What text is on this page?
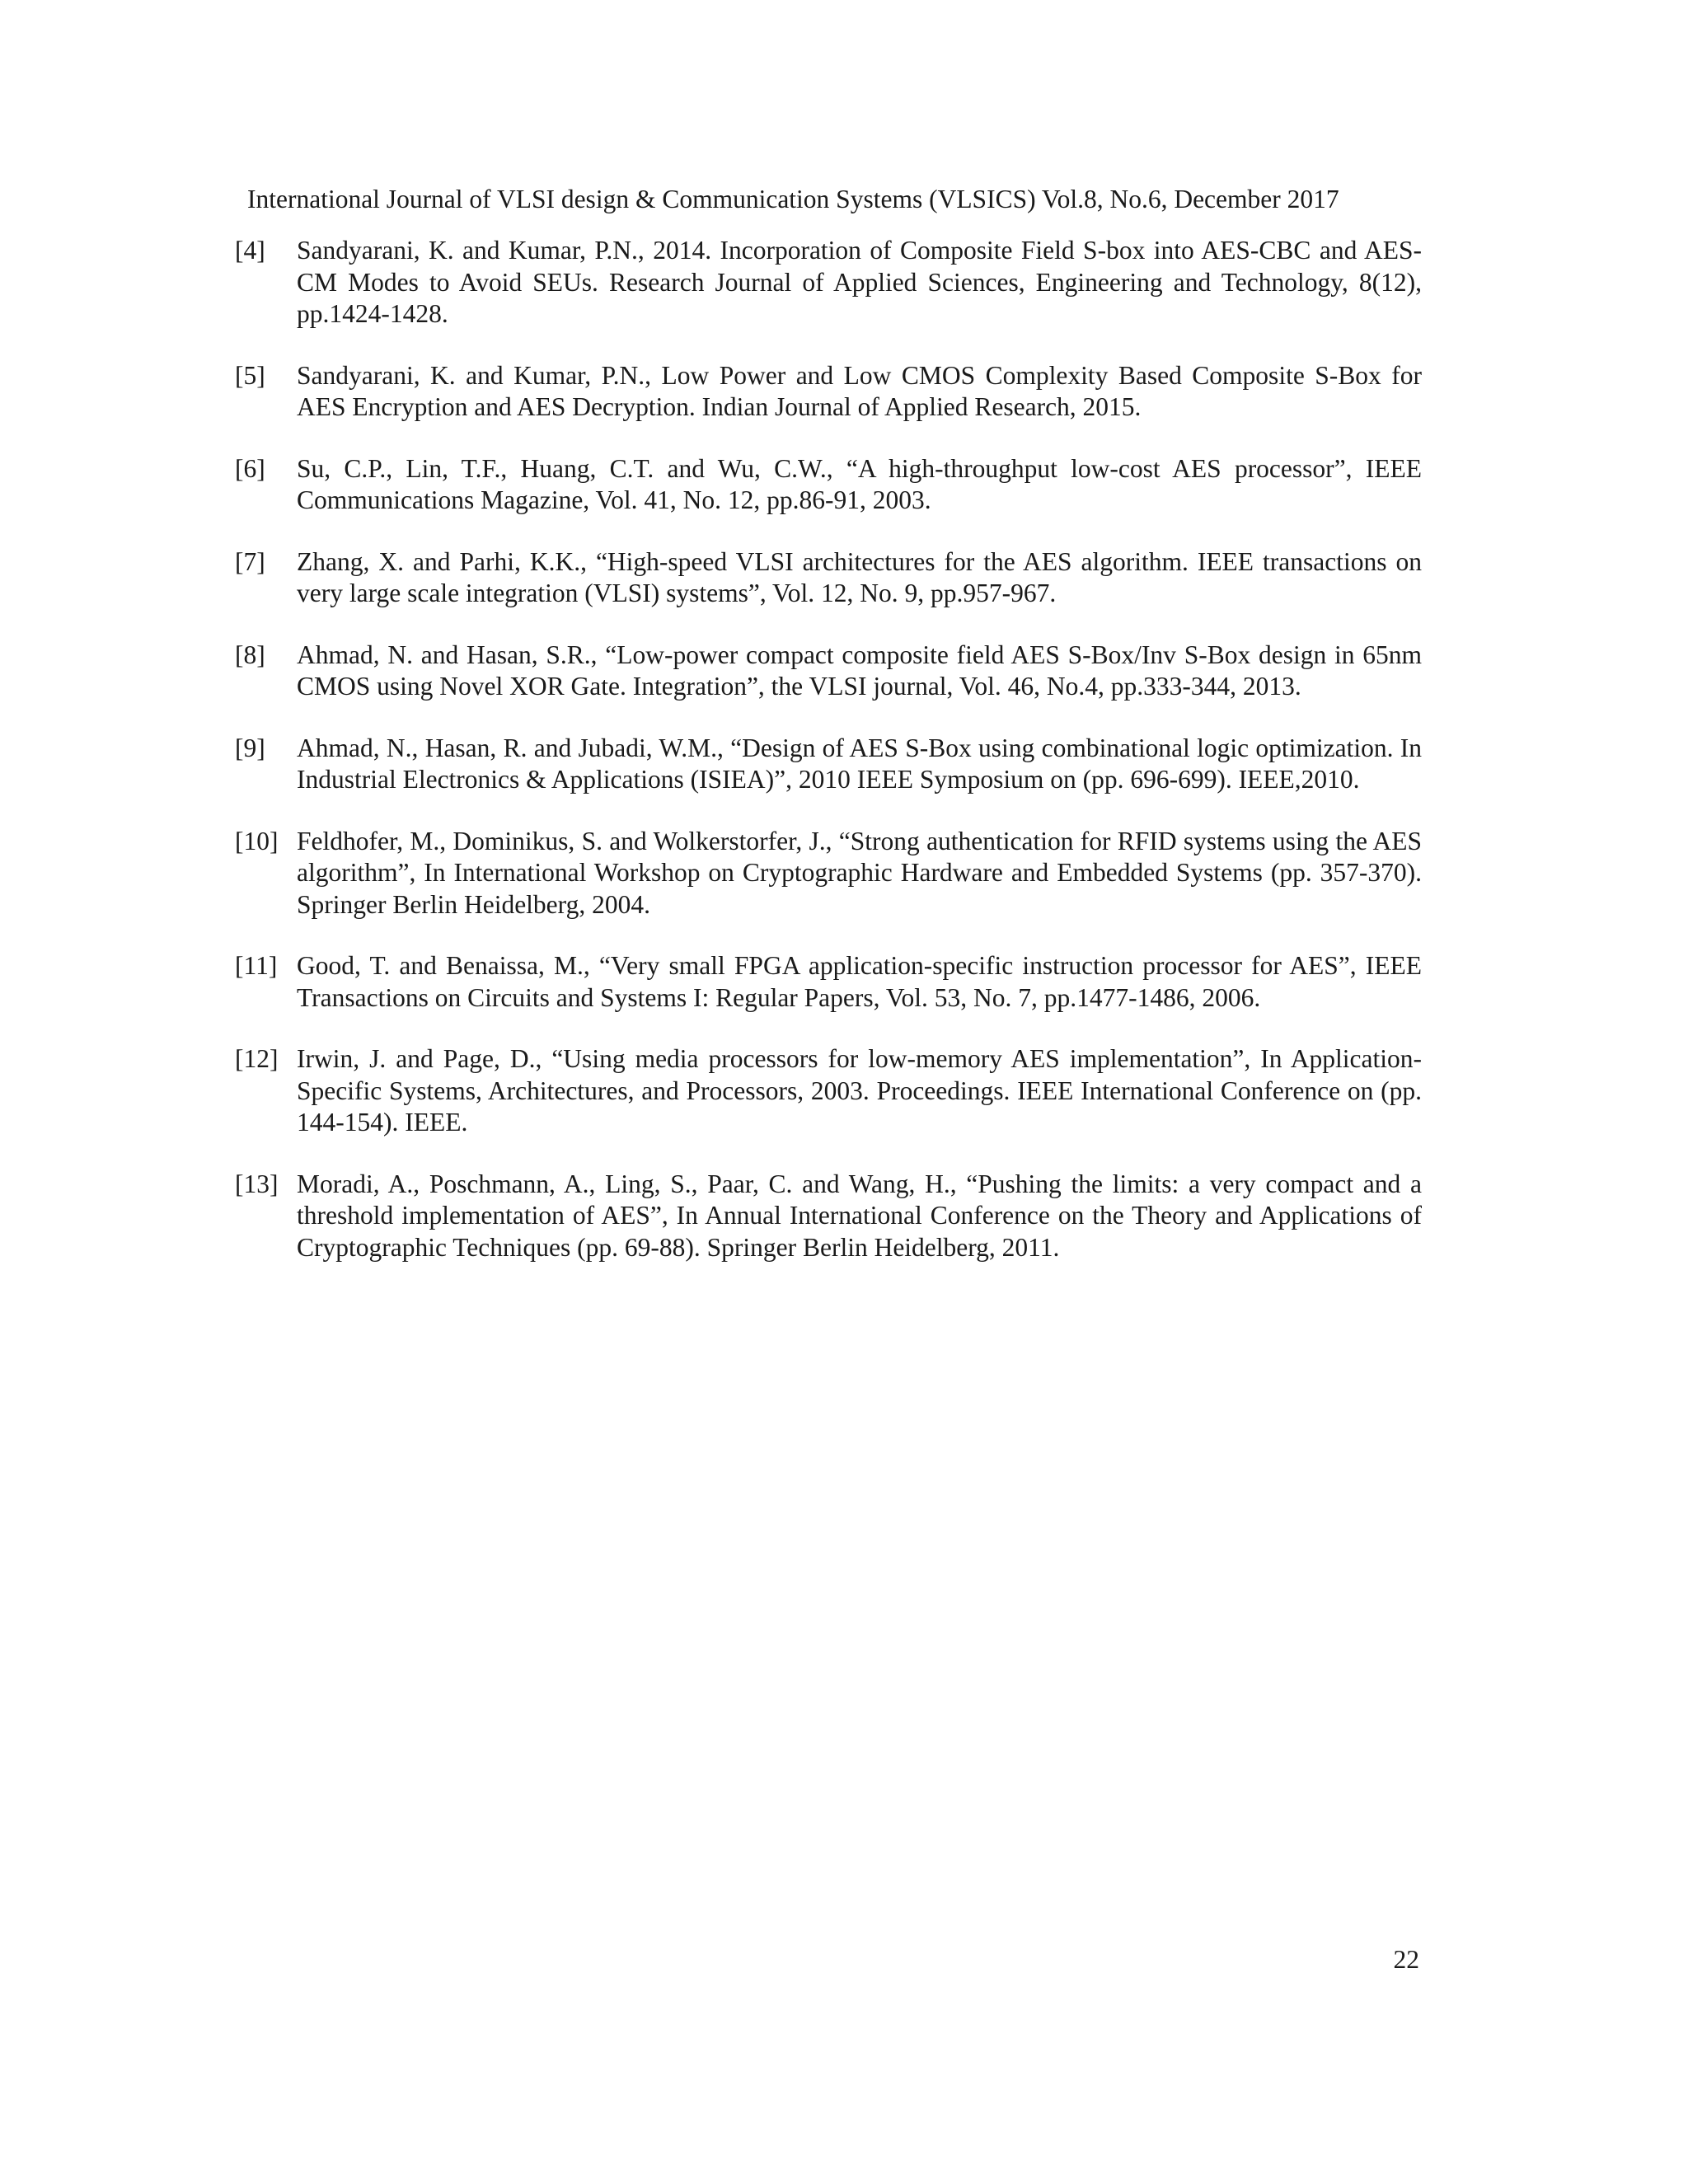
International Journal of VLSI design & Communication Systems (VLSICS) Vol.8, No.6, December 2017
[4]	Sandyarani, K. and Kumar, P.N., 2014. Incorporation of Composite Field S-box into AES-CBC and AES-CM Modes to Avoid SEUs. Research Journal of Applied Sciences, Engineering and Technology, 8(12), pp.1424-1428.
[5]	Sandyarani, K. and Kumar, P.N., Low Power and Low CMOS Complexity Based Composite S-Box for AES Encryption and AES Decryption. Indian Journal of Applied Research, 2015.
[6]	Su, C.P., Lin, T.F., Huang, C.T. and Wu, C.W., “A high-throughput low-cost AES processor”, IEEE Communications Magazine, Vol. 41, No. 12, pp.86-91, 2003.
[7]	Zhang, X. and Parhi, K.K., “High-speed VLSI architectures for the AES algorithm. IEEE transactions on very large scale integration (VLSI) systems”, Vol. 12, No. 9, pp.957-967.
[8]	Ahmad, N. and Hasan, S.R., “Low-power compact composite field AES S-Box/Inv S-Box design in 65nm CMOS using Novel XOR Gate. Integration”, the VLSI journal, Vol. 46, No.4, pp.333-344, 2013.
[9]	Ahmad, N., Hasan, R. and Jubadi, W.M., “Design of AES S-Box using combinational logic optimization. In Industrial Electronics & Applications (ISIEA)”, 2010 IEEE Symposium on (pp. 696-699). IEEE,2010.
[10] Feldhofer, M., Dominikus, S. and Wolkerstorfer, J., “Strong authentication for RFID systems using the AES algorithm”, In International Workshop on Cryptographic Hardware and Embedded Systems (pp. 357-370). Springer Berlin Heidelberg, 2004.
[11] Good, T. and Benaissa, M., “Very small FPGA application-specific instruction processor for AES”, IEEE Transactions on Circuits and Systems I: Regular Papers, Vol. 53, No. 7, pp.1477-1486, 2006.
[12] Irwin, J. and Page, D., “Using media processors for low-memory AES implementation”, In Application-Specific Systems, Architectures, and Processors, 2003. Proceedings. IEEE International Conference on (pp. 144-154). IEEE.
[13] Moradi, A., Poschmann, A., Ling, S., Paar, C. and Wang, H., “Pushing the limits: a very compact and a threshold implementation of AES”, In Annual International Conference on the Theory and Applications of Cryptographic Techniques (pp. 69-88). Springer Berlin Heidelberg, 2011.
22
